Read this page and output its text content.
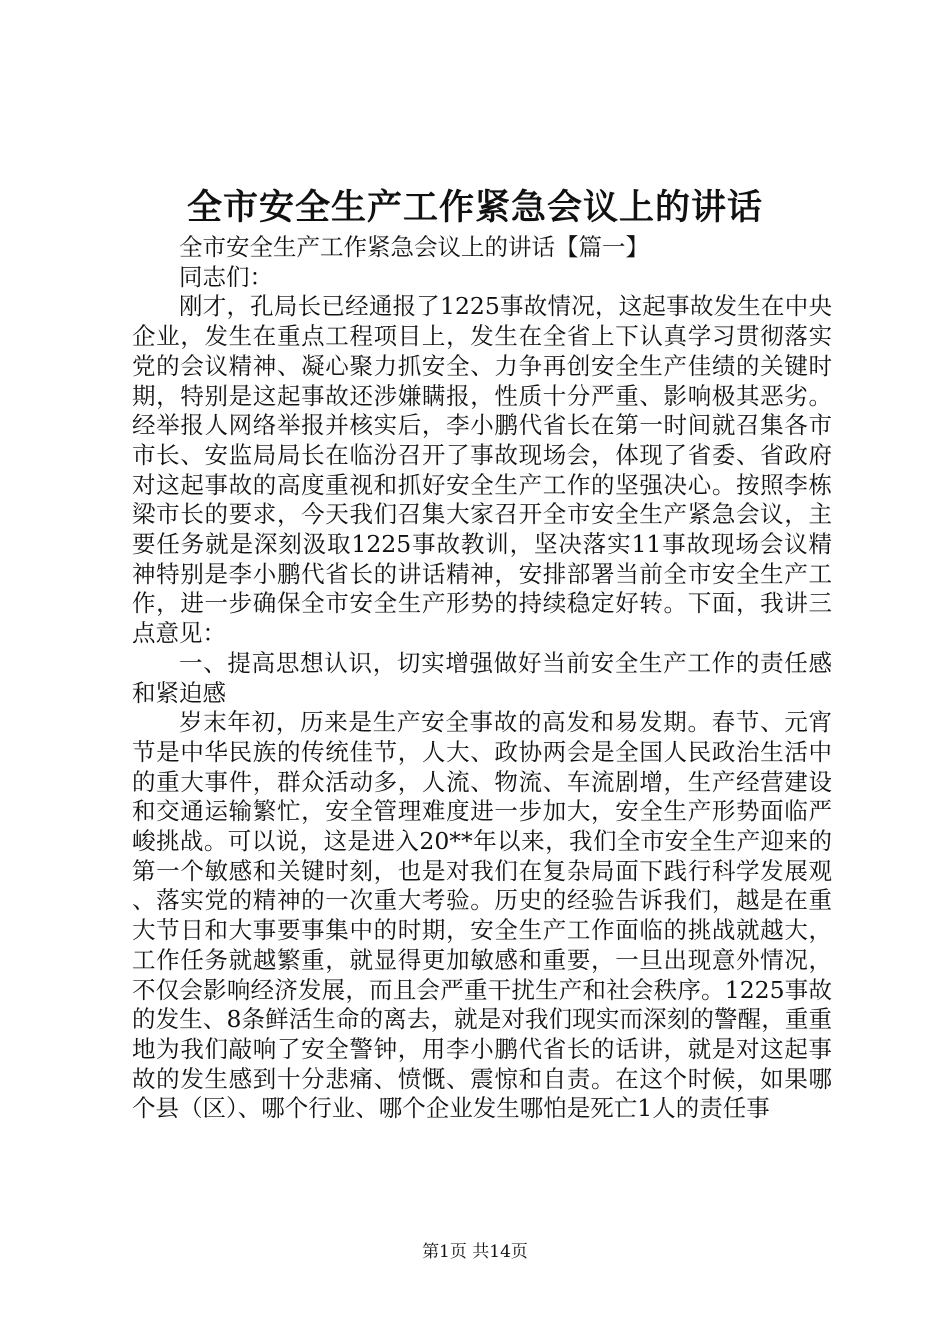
全市安全生产工作紧急会议上的讲话

全市安全生产工作紧急会议上的讲话【篇一】

同志们：

刚才，孔局长已经通报了1225事故情况，这起事故发生在中央企业，发生在重点工程项目上，发生在全省上下认真学习贯彻落实党的会议精神、凝心聚力抓安全、力争再创安全生产佳绩的关键时期，特别是这起事故还涉嫌瞒报，性质十分严重、影响极其恶劣。经举报人网络举报并核实后，李小鹏代省长在第一时间就召集各市市长、安监局局长在临汾召开了事故现场会，体现了省委、省政府对这起事故的高度重视和抓好安全生产工作的坚强决心。按照李栋梁市长的要求，今天我们召集大家召开全市安全生产紧急会议，主要任务就是深刻汲取1225事故教训，坚决落实11事故现场会议精神特别是李小鹏代省长的讲话精神，安排部署当前全市安全生产工作，进一步确保全市安全生产形势的持续稳定好转。下面，我讲三点意见：

一、提高思想认识，切实增强做好当前安全生产工作的责任感和紧迫感

岁末年初，历来是生产安全事故的高发和易发期。春节、元宵节是中华民族的传统佳节，人大、政协两会是全国人民政治生活中的重大事件，群众活动多，人流、物流、车流剧增，生产经营建设和交通运输繁忙，安全管理难度进一步加大，安全生产形势面临严峻挑战。可以说，这是进入20**年以来，我们全市安全生产迎来的第一个敏感和关键时刻，也是对我们在复杂局面下践行科学发展观、落实党的精神的一次重大考验。历史的经验告诉我们，越是在重大节日和大事要事集中的时期，安全生产工作面临的挑战就越大，工作任务就越繁重，就显得更加敏感和重要，一旦出现意外情况，不仅会影响经济发展，而且会严重干扰生产和社会秩序。1225事故的发生、8条鲜活生命的离去，就是对我们现实而深刻的警醒，重重地为我们敲响了安全警钟，用李小鹏代省长的话讲，就是对这起事故的发生感到十分悲痛、愤慨、震惊和自责。在这个时候，如果哪个县（区）、哪个行业、哪个企业发生哪怕是死亡1人的责任事

第1页 共14页
